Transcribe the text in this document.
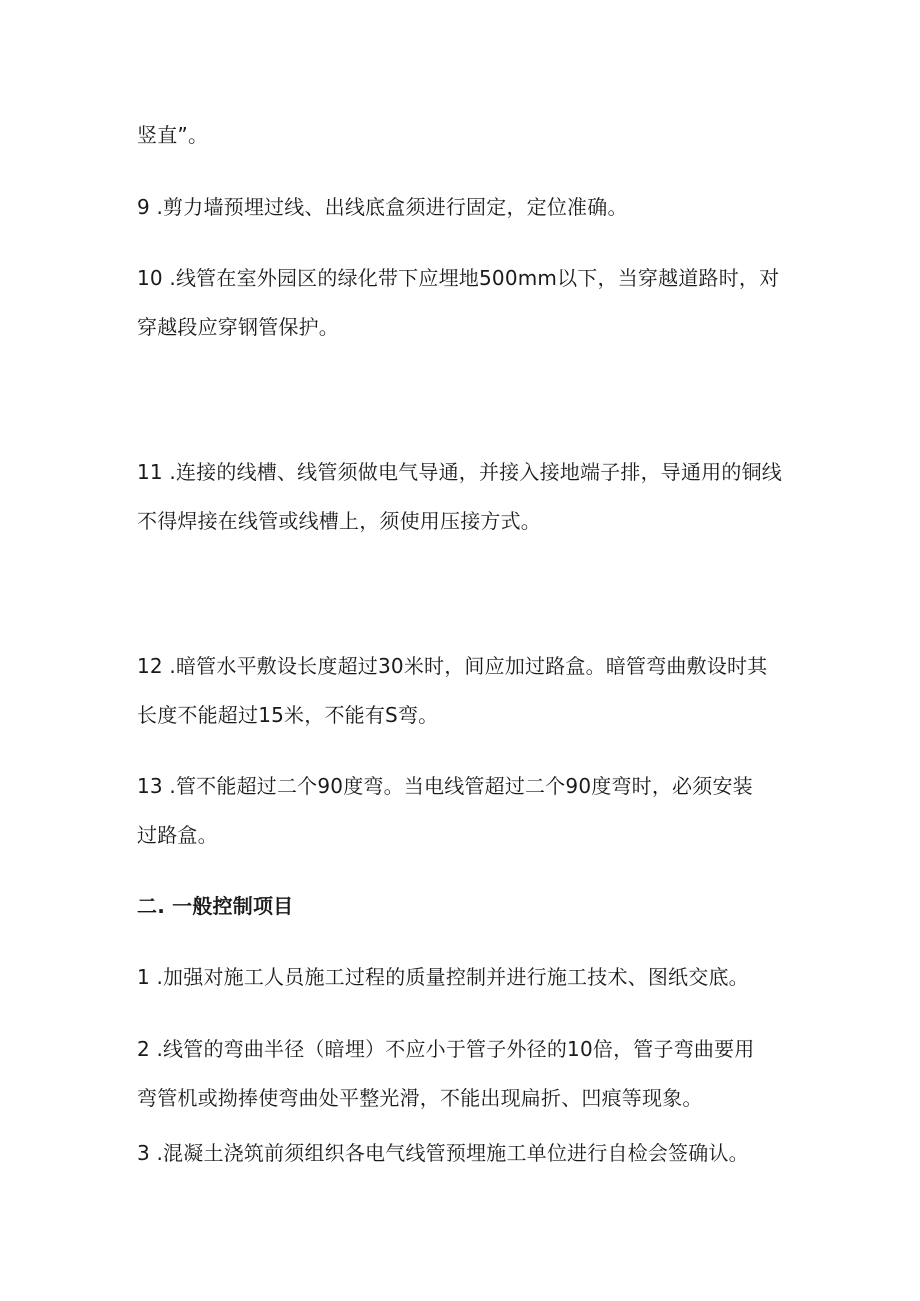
竖直”。
9 .剪力墙预埋过线、出线底盒须进行固定，定位准确。
10 .线管在室外园区的绿化带下应埋地500mm以下，当穿越道路时，对
穿越段应穿钢管保护。
11 .连接的线槽、线管须做电气导通，并接入接地端子排，导通用的铜线
不得焊接在线管或线槽上，须使用压接方式。
12 .暗管水平敷设长度超过30米时，间应加过路盒。暗管弯曲敷设时其
长度不能超过15米，不能有S弯。
13 .管不能超过二个90度弯。当电线管超过二个90度弯时，必须安装
过路盒。
二. 一般控制项目
1 .加强对施工人员施工过程的质量控制并进行施工技术、图纸交底。
2 .线管的弯曲半径（暗埋）不应小于管子外径的10倍，管子弯曲要用
弯管机或拗捧使弯曲处平整光滑，不能出现扁折、凹痕等现象。
3 .混凝土浇筑前须组织各电气线管预埋施工单位进行自检会签确认。
